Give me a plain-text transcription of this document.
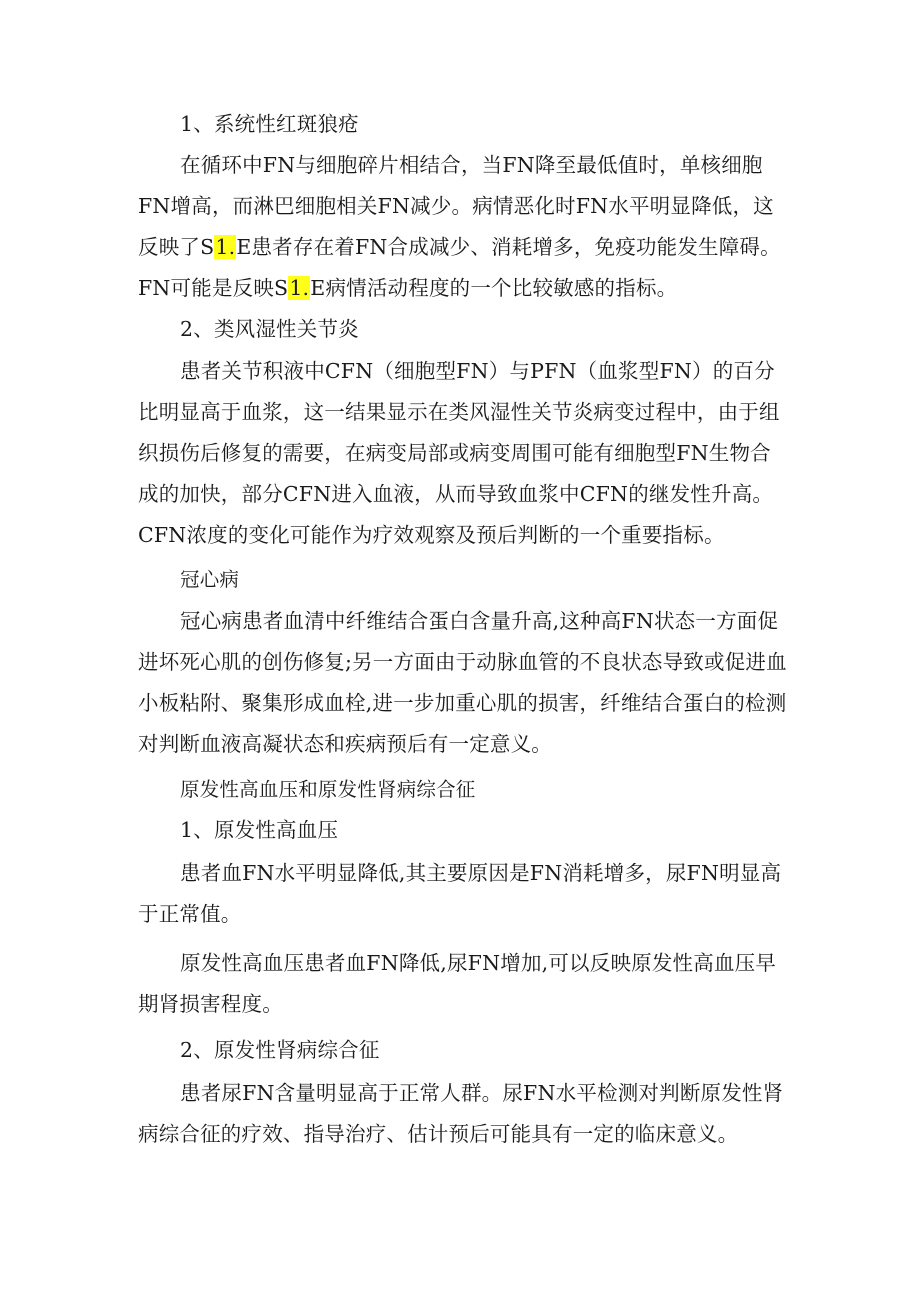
1、系统性红斑狼疮

在循环中FN与细胞碎片相结合，当FN降至最低值时，单核细胞FN增高，而淋巴细胞相关FN减少。病情恶化时FN水平明显降低，这反映了S1.E患者存在着FN合成减少、消耗增多，免疫功能发生障碍。FN可能是反映S1.E病情活动程度的一个比较敏感的指标。

2、类风湿性关节炎

患者关节积液中CFN（细胞型FN）与PFN（血浆型FN）的百分比明显高于血浆，这一结果显示在类风湿性关节炎病变过程中，由于组织损伤后修复的需要，在病变局部或病变周围可能有细胞型FN生物合成的加快，部分CFN进入血液，从而导致血浆中CFN的继发性升高。CFN浓度的变化可能作为疗效观察及预后判断的一个重要指标。

冠心病

冠心病患者血清中纤维结合蛋白含量升高,这种高FN状态一方面促进坏死心肌的创伤修复;另一方面由于动脉血管的不良状态导致或促进血小板粘附、聚集形成血栓,进一步加重心肌的损害，纤维结合蛋白的检测对判断血液高凝状态和疾病预后有一定意义。

原发性高血压和原发性肾病综合征

1、原发性高血压

患者血FN水平明显降低,其主要原因是FN消耗增多，尿FN明显高于正常值。

原发性高血压患者血FN降低,尿FN增加,可以反映原发性高血压早期肾损害程度。

2、原发性肾病综合征

患者尿FN含量明显高于正常人群。尿FN水平检测对判断原发性肾病综合征的疗效、指导治疗、估计预后可能具有一定的临床意义。
